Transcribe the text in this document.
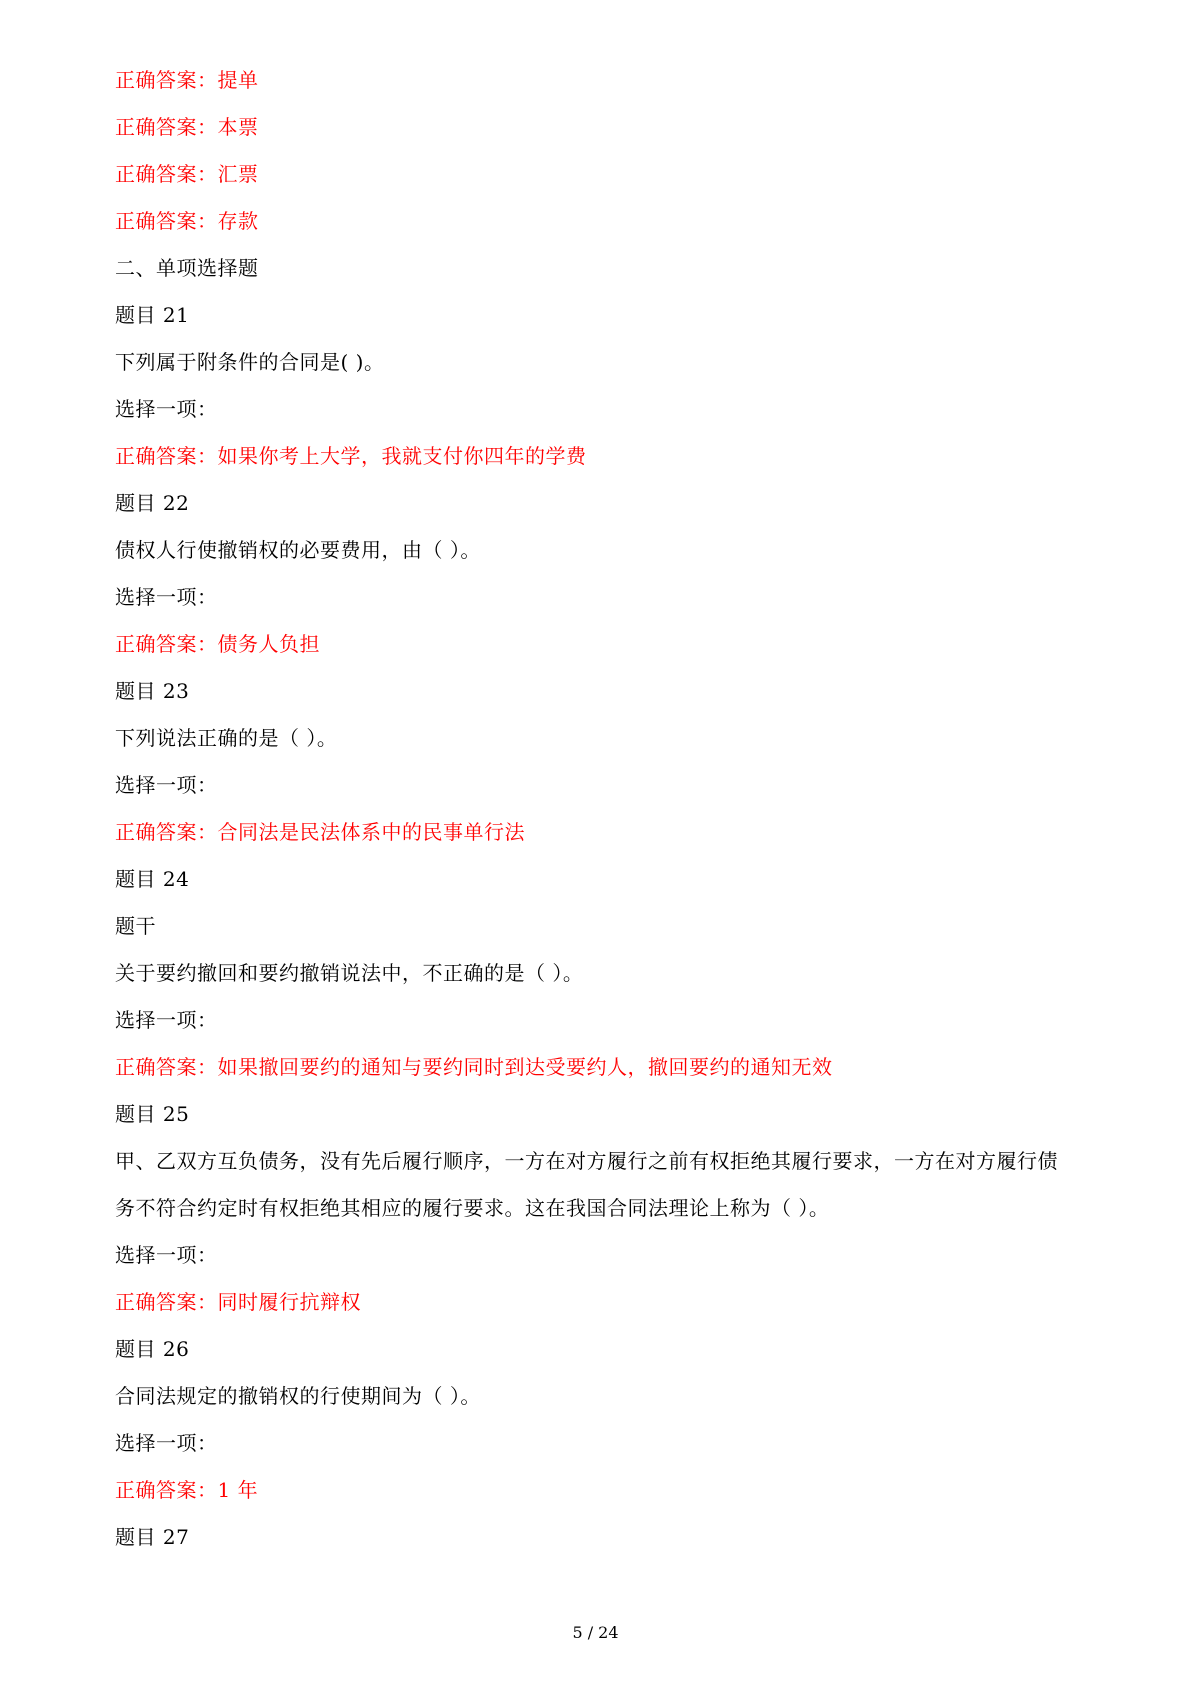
正确答案：提单
正确答案：本票
正确答案：汇票
正确答案：存款
二、单项选择题
题目 21
下列属于附条件的合同是( )。
选择一项：
正确答案：如果你考上大学，我就支付你四年的学费
题目 22
债权人行使撤销权的必要费用，由（ ）。
选择一项：
正确答案：债务人负担
题目 23
下列说法正确的是（ ）。
选择一项：
正确答案：合同法是民法体系中的民事单行法
题目 24
题干
关于要约撤回和要约撤销说法中，不正确的是（ ）。
选择一项：
正确答案：如果撤回要约的通知与要约同时到达受要约人，撤回要约的通知无效
题目 25
甲、乙双方互负债务，没有先后履行顺序，一方在对方履行之前有权拒绝其履行要求，一方在对方履行债
务不符合约定时有权拒绝其相应的履行要求。这在我国合同法理论上称为（ ）。
选择一项：
正确答案：同时履行抗辩权
题目 26
合同法规定的撤销权的行使期间为（ ）。
选择一项：
正确答案：1 年
题目 27
5 / 24
